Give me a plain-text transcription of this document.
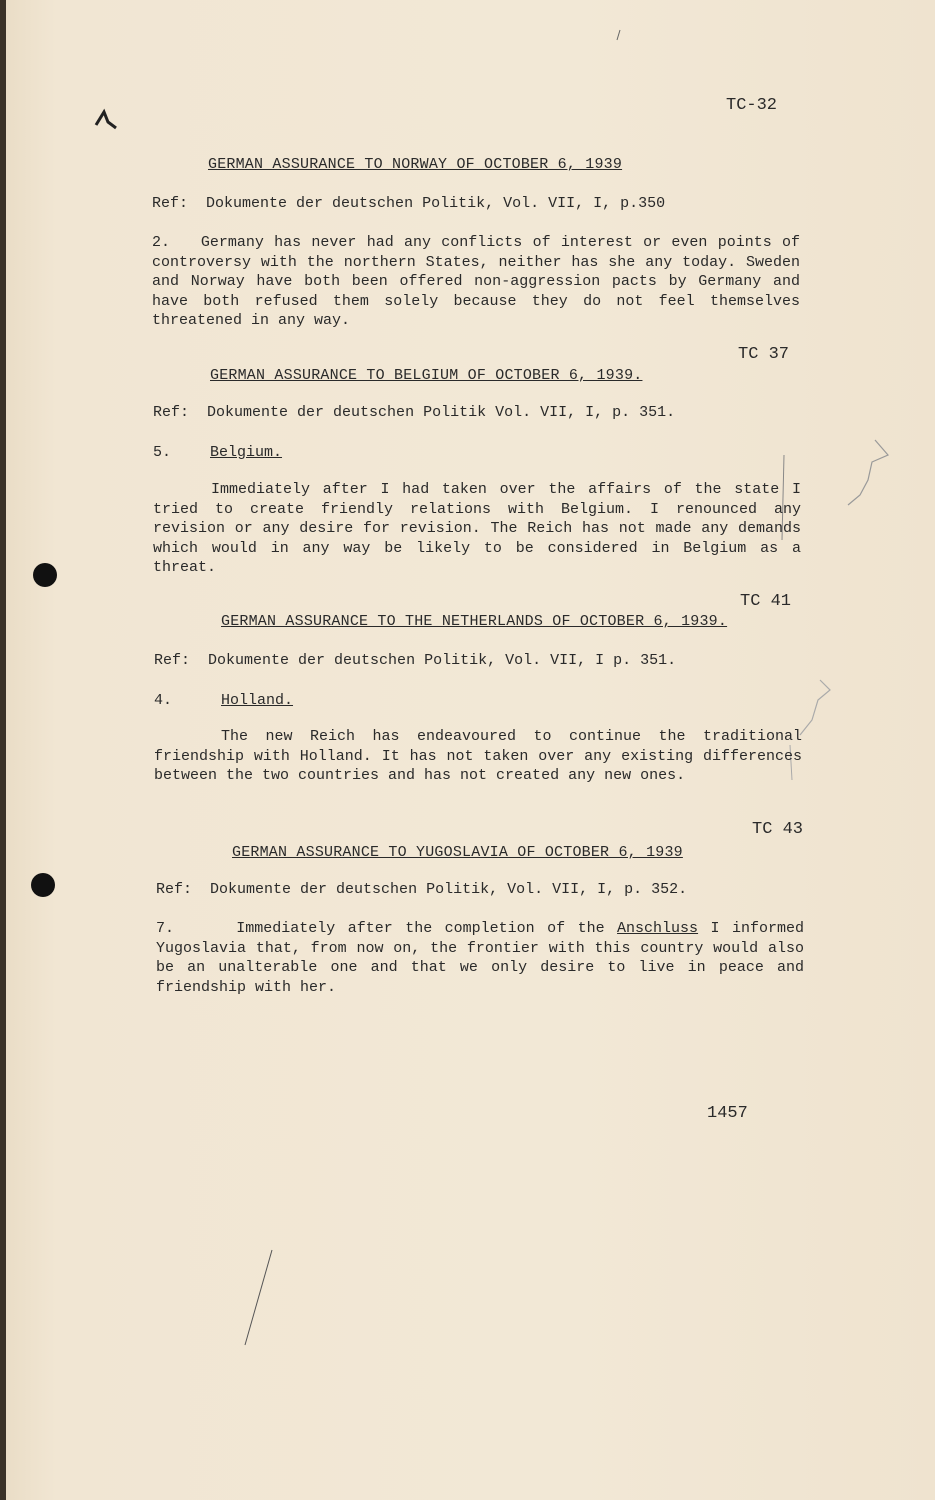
TC-32
GERMAN ASSURANCE TO NORWAY OF OCTOBER 6, 1939
Ref: Dokumente der deutschen Politik, Vol. VII, I, p.350

2. Germany has never had any conflicts of interest or even points of controversy with the northern States, neither has she any today. Sweden and Norway have both been offered non-aggression pacts by Germany and have both refused them solely because they do not feel themselves threatened in any way.

TC 37
GERMAN ASSURANCE TO BELGIUM OF OCTOBER 6, 1939.
Ref: Dokumente der deutschen Politik Vol. VII, I, p. 351.
5.	Belgium.

Immediately after I had taken over the affairs of the state I tried to create friendly relations with Belgium. I renounced any revision or any desire for revision. The Reich has not made any demands which would in any way be likely to be considered in Belgium as a threat.

TC 41
GERMAN ASSURANCE TO THE NETHERLANDS OF OCTOBER 6, 1939.
Ref: Dokumente der deutschen Politik, Vol. VII, I p. 351.
4.	Holland.

The new Reich has endeavoured to continue the traditional friendship with Holland. It has not taken over any existing differences between the two countries and has not created any new ones.

TC 43
GERMAN ASSURANCE TO YUGOSLAVIA OF OCTOBER 6, 1939
Ref: Dokumente der deutschen Politik, Vol. VII, I, p. 352.

7.	Immediately after the completion of the Anschluss I informed Yugoslavia that, from now on, the frontier with this country would also be an unalterable one and that we only desire to live in peace and friendship with her.

1457
